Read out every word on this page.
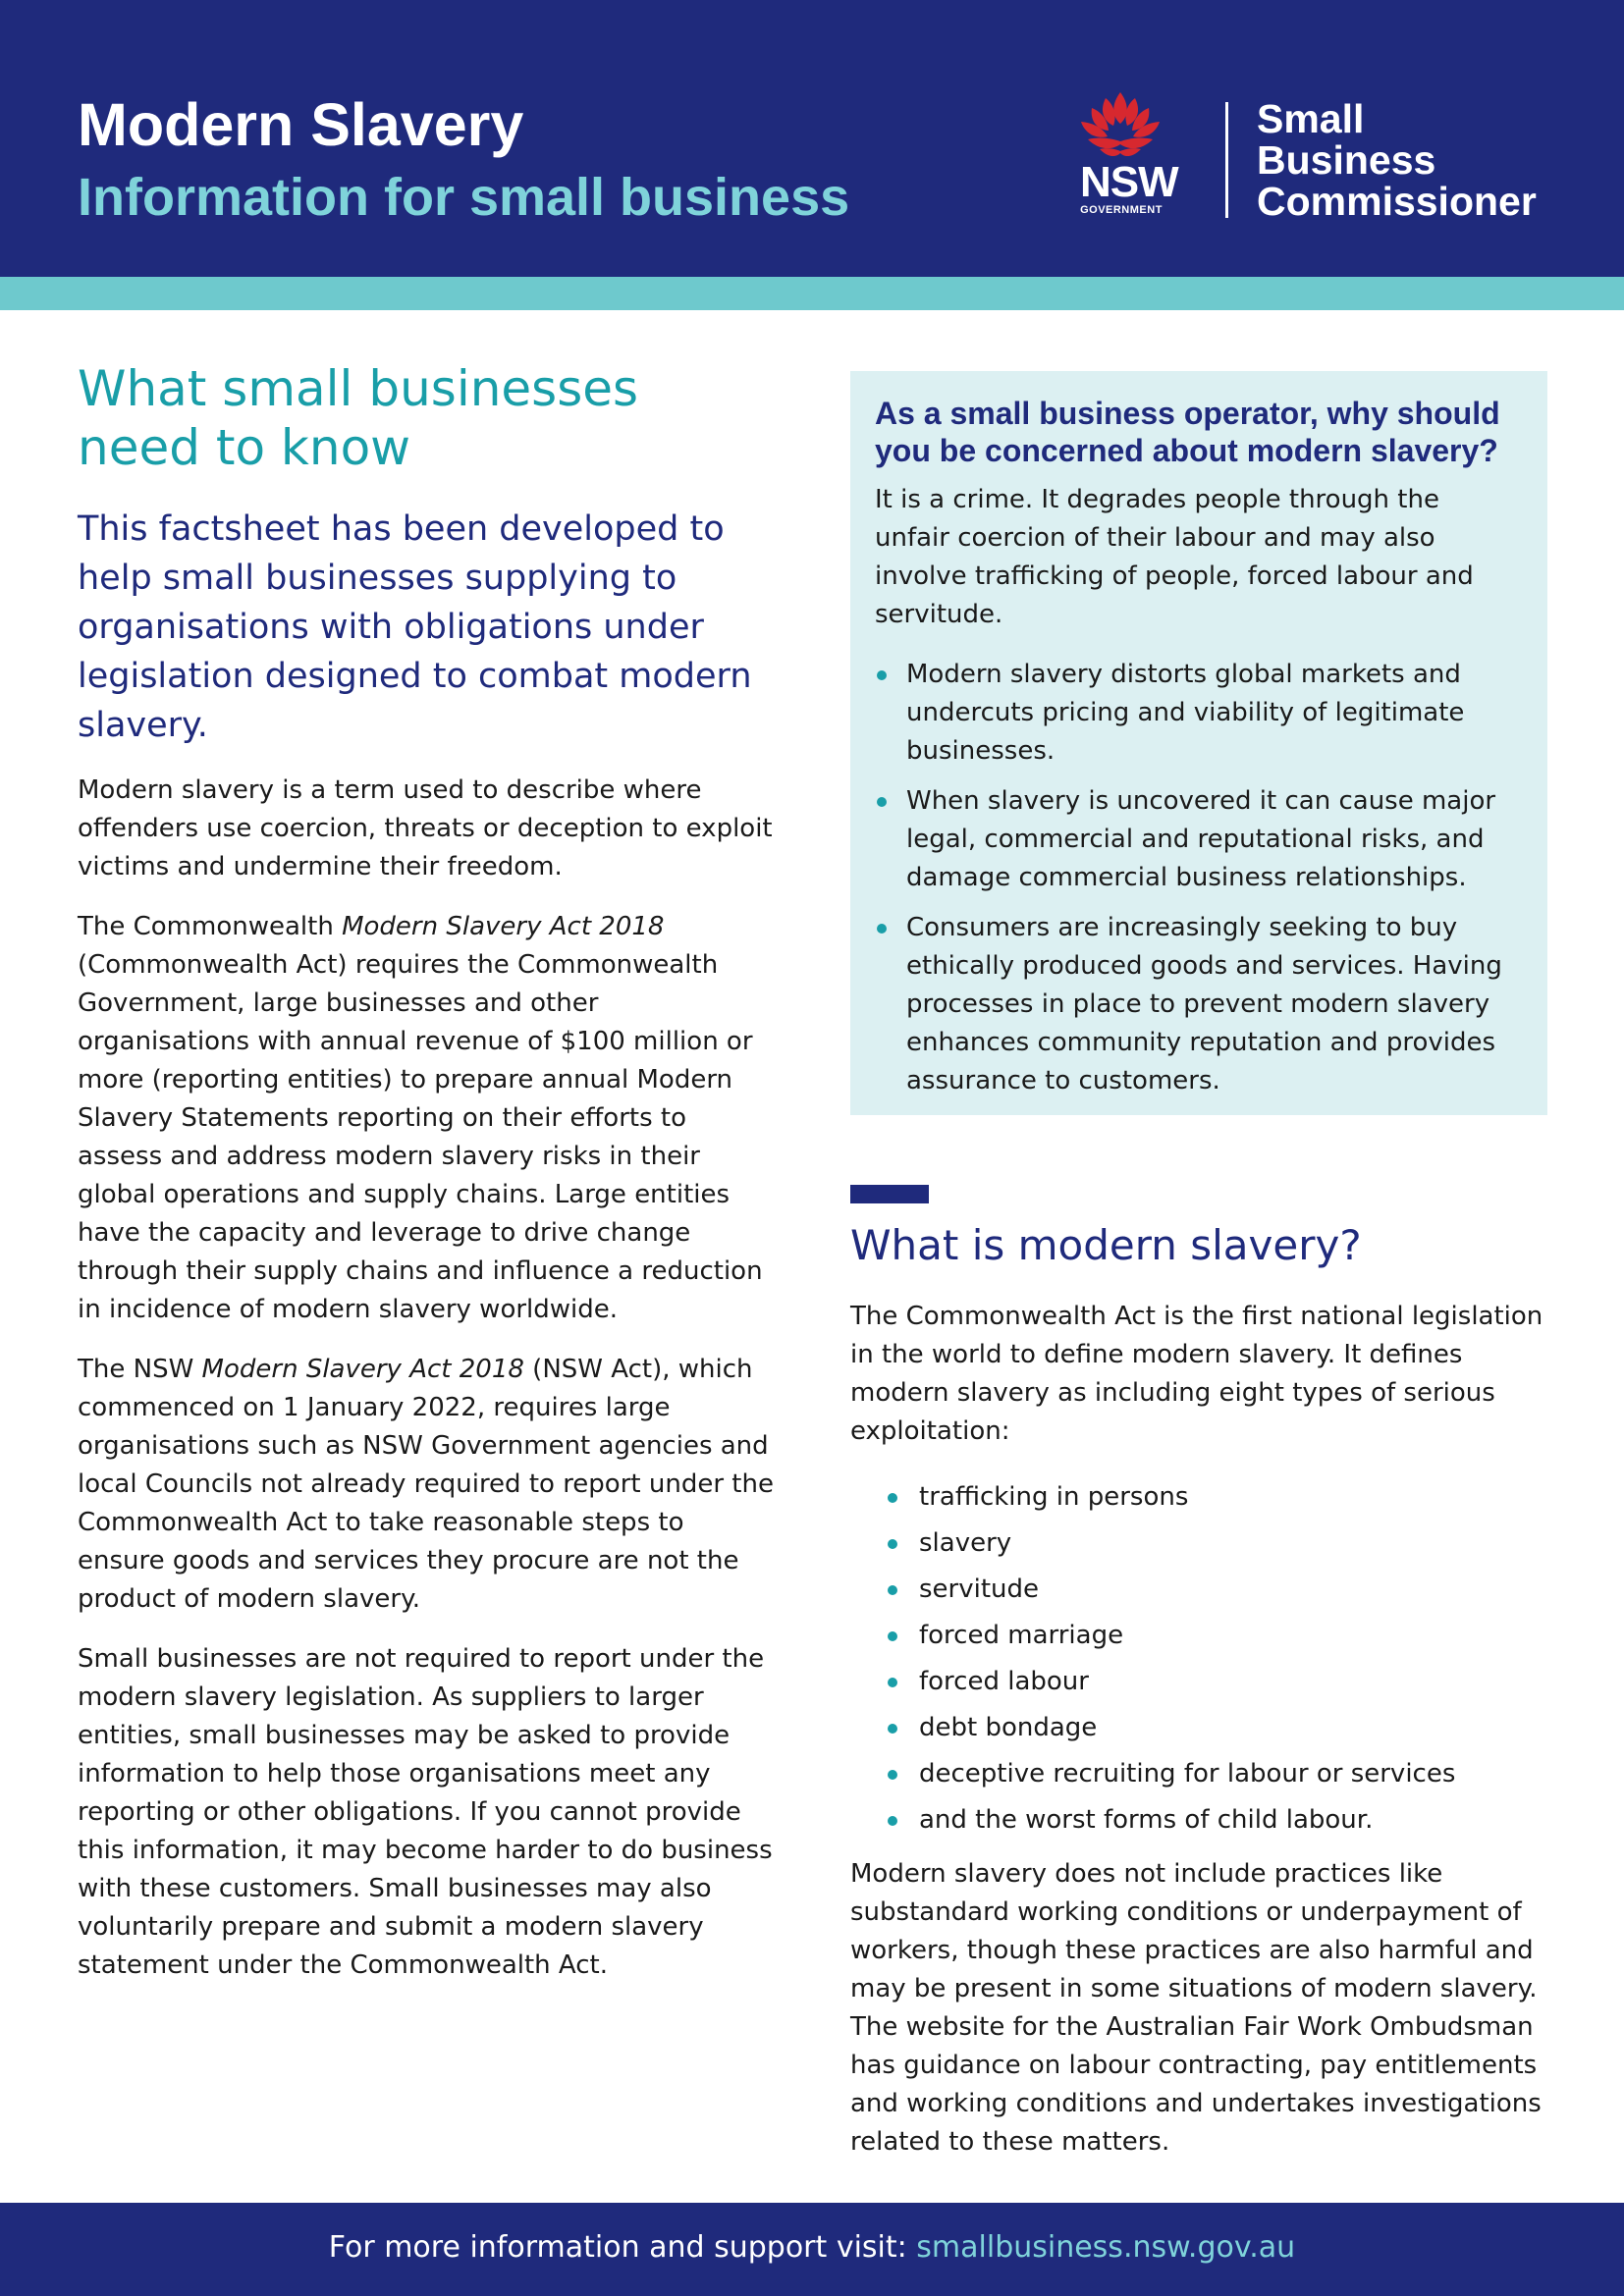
Modern Slavery
Information for small business	NSW
GOVERNMENT
Small
Business
Commissioner
What small businesses
need to know

This factsheet has been developed to help small businesses supplying to organisations with obligations under legislation designed to combat modern slavery.

Modern slavery is a term used to describe where offenders use coercion, threats or deception to exploit victims and undermine their freedom.

The Commonwealth Modern Slavery Act 2018 (Commonwealth Act) requires the Commonwealth Government, large businesses and other organisations with annual revenue of $100 million or more (reporting entities) to prepare annual Modern Slavery Statements reporting on their efforts to assess and address modern slavery risks in their global operations and supply chains. Large entities have the capacity and leverage to drive change through their supply chains and influence a reduction in incidence of modern slavery worldwide.

The NSW Modern Slavery Act 2018 (NSW Act), which commenced on 1 January 2022, requires large organisations such as NSW Government agencies and local Councils not already required to report under the Commonwealth Act to take reasonable steps to ensure goods and services they procure are not the product of modern slavery.

Small businesses are not required to report under the modern slavery legislation. As suppliers to larger entities, small businesses may be asked to provide information to help those organisations meet any reporting or other obligations. If you cannot provide this information, it may become harder to do business with these customers. Small businesses may also voluntarily prepare and submit a modern slavery statement under the Commonwealth Act.

As a small business operator, why should you be concerned about modern slavery?

It is a crime. It degrades people through the unfair coercion of their labour and may also involve trafficking of people, forced labour and servitude.

Modern slavery distorts global markets and undercuts pricing and viability of legitimate businesses.
When slavery is uncovered it can cause major legal, commercial and reputational risks, and damage commercial business relationships.
Consumers are increasingly seeking to buy ethically produced goods and services. Having processes in place to prevent modern slavery enhances community reputation and provides assurance to customers.
What is modern slavery?

The Commonwealth Act is the first national legislation in the world to define modern slavery. It defines modern slavery as including eight types of serious exploitation:

trafficking in persons
slavery
servitude
forced marriage
forced labour
debt bondage
deceptive recruiting for labour or services
and the worst forms of child labour.

Modern slavery does not include practices like substandard working conditions or underpayment of workers, though these practices are also harmful and may be present in some situations of modern slavery. The website for the Australian Fair Work Ombudsman has guidance on labour contracting, pay entitlements and working conditions and undertakes investigations related to these matters.

For more information and support visit: smallbusiness.nsw.gov.au
